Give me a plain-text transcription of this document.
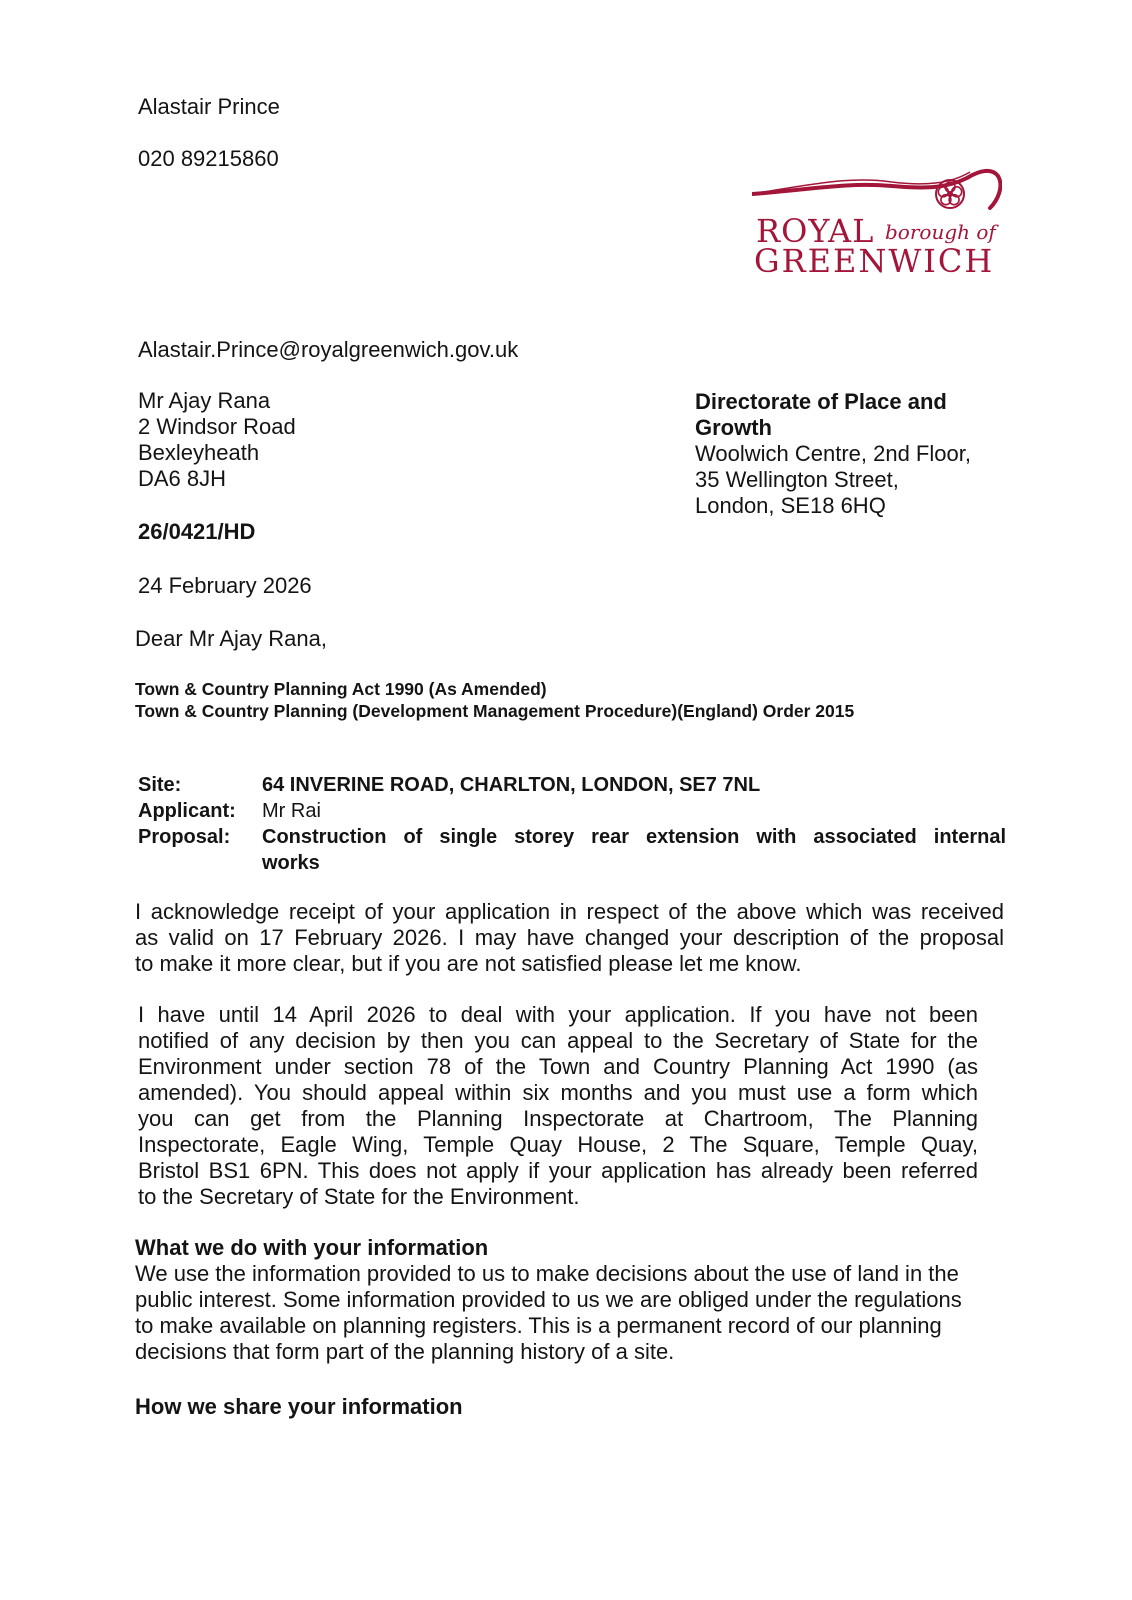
Alastair Prince
020 89215860
ROYAL borough of
GREENWICH
Alastair.Prince@royalgreenwich.gov.uk
Mr Ajay Rana
2 Windsor Road
Bexleyheath
DA6 8JH
Directorate of Place and
Growth
Woolwich Centre, 2nd Floor,
35 Wellington Street,
London, SE18 6HQ
26/0421/HD
24 February 2026
Dear Mr Ajay Rana,
Town & Country Planning Act 1990 (As Amended)
Town & Country Planning (Development Management Procedure)(England) Order 2015
Site:	64 INVERINE ROAD, CHARLTON, LONDON, SE7 7NL
Applicant: Mr Rai
Proposal: Construction of single storey rear extension with associated internal
works
I acknowledge receipt of your application in respect of the above which was received
as valid on 17 February 2026. I may have changed your description of the proposal
to make it more clear, but if you are not satisfied please let me know.
I have until 14 April 2026 to deal with your application. If you have not been
notified of any decision by then you can appeal to the Secretary of State for the
Environment under section 78 of the Town and Country Planning Act 1990 (as
amended). You should appeal within six months and you must use a form which
you can get from the Planning Inspectorate at Chartroom, The Planning
Inspectorate, Eagle Wing, Temple Quay House, 2 The Square, Temple Quay,
Bristol BS1 6PN. This does not apply if your application has already been referred
to the Secretary of State for the Environment.
What we do with your information
We use the information provided to us to make decisions about the use of land in the
public interest. Some information provided to us we are obliged under the regulations
to make available on planning registers. This is a permanent record of our planning
decisions that form part of the planning history of a site.
How we share your information
